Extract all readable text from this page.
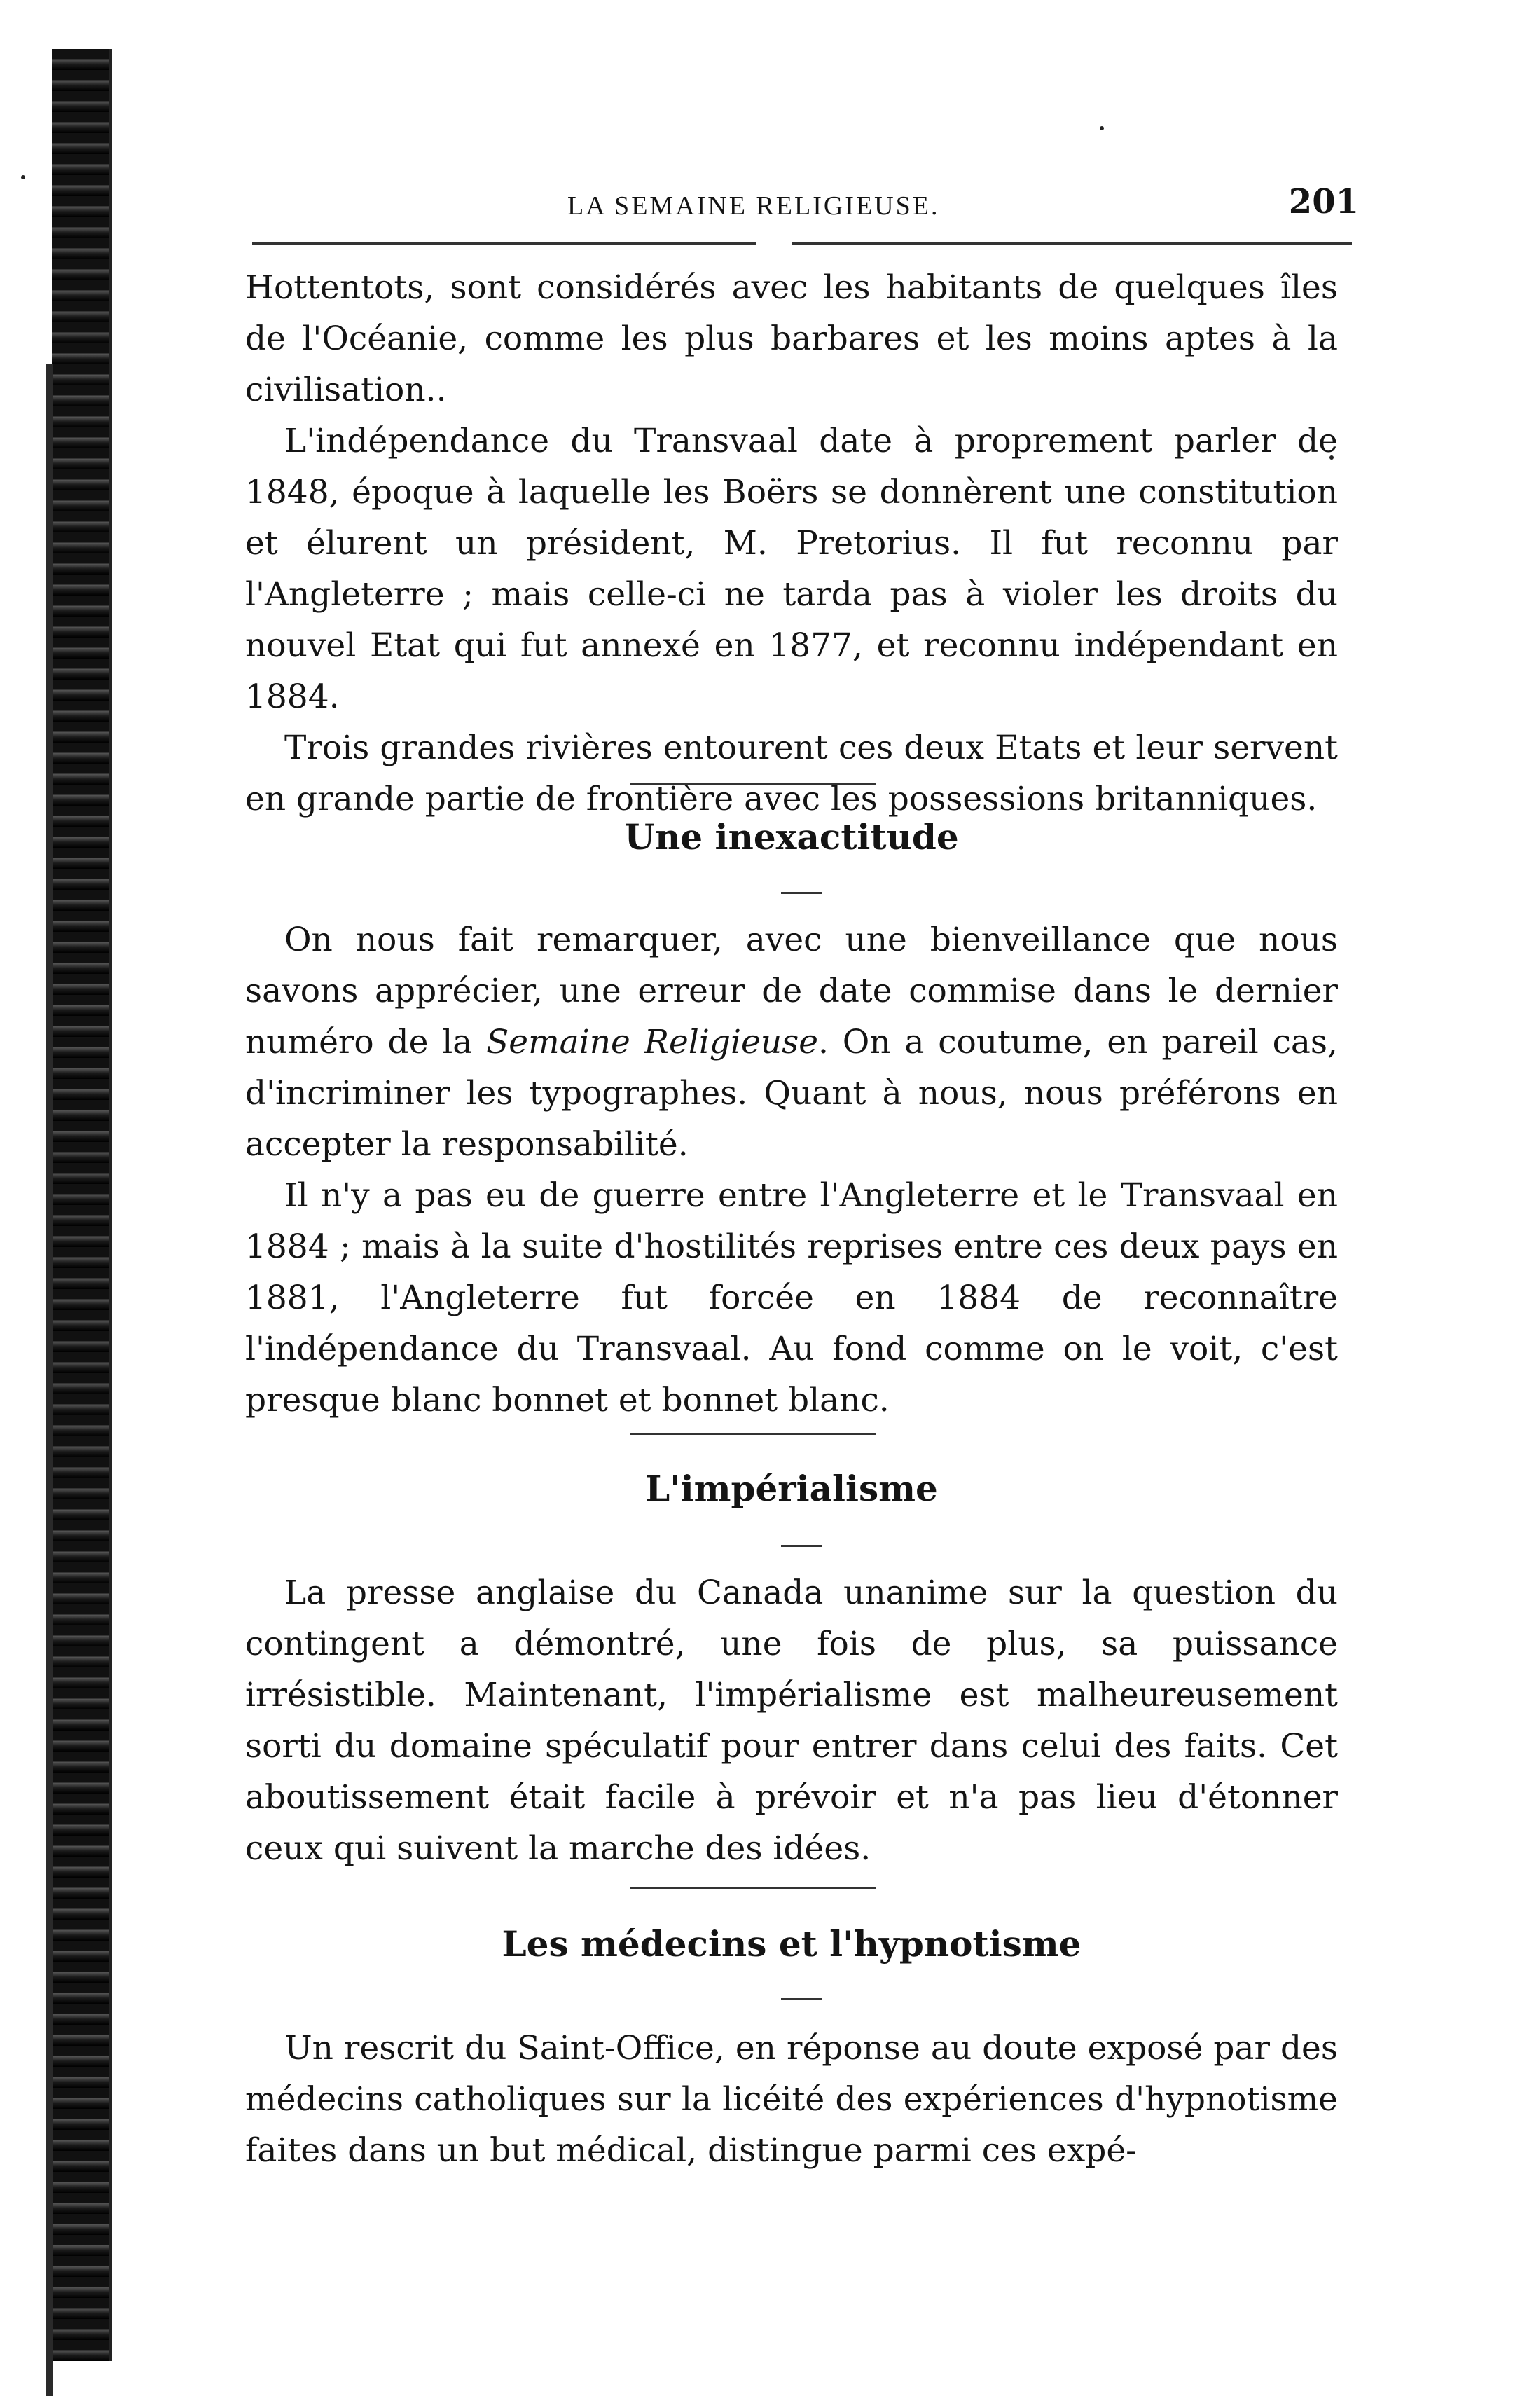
LA SEMAINE RELIGIEUSE.	201

Hottentots, sont considérés avec les habitants de quelques îles de l'Océanie, comme les plus barbares et les moins aptes à la civilisation..

L'indépendance du Transvaal date à proprement parler de 1848, époque à laquelle les Boërs se donnèrent une constitution et élurent un président, M. Pretorius. Il fut reconnu par l'Angleterre ; mais celle-ci ne tarda pas à violer les droits du nouvel Etat qui fut annexé en 1877, et reconnu indépendant en 1884.

Trois grandes rivières entourent ces deux Etats et leur servent en grande partie de frontière avec les possessions britanniques.

Une inexactitude

On nous fait remarquer, avec une bienveillance que nous savons apprécier, une erreur de date commise dans le dernier numéro de la Semaine Religieuse. On a coutume, en pareil cas, d'incriminer les typographes. Quant à nous, nous préférons en accepter la responsabilité.

Il n'y a pas eu de guerre entre l'Angleterre et le Transvaal en 1884 ; mais à la suite d'hostilités reprises entre ces deux pays en 1881, l'Angleterre fut forcée en 1884 de reconnaître l'indépendance du Transvaal. Au fond comme on le voit, c'est presque blanc bonnet et bonnet blanc.

L'impérialisme

La presse anglaise du Canada unanime sur la question du contingent a démontré, une fois de plus, sa puissance irrésistible. Maintenant, l'impérialisme est malheureusement sorti du domaine spéculatif pour entrer dans celui des faits. Cet aboutissement était facile à prévoir et n'a pas lieu d'étonner ceux qui suivent la marche des idées.

Les médecins et l'hypnotisme

Un rescrit du Saint-Office, en réponse au doute exposé par des médecins catholiques sur la licéité des expériences d'hypnotisme faites dans un but médical, distingue parmi ces expé-
